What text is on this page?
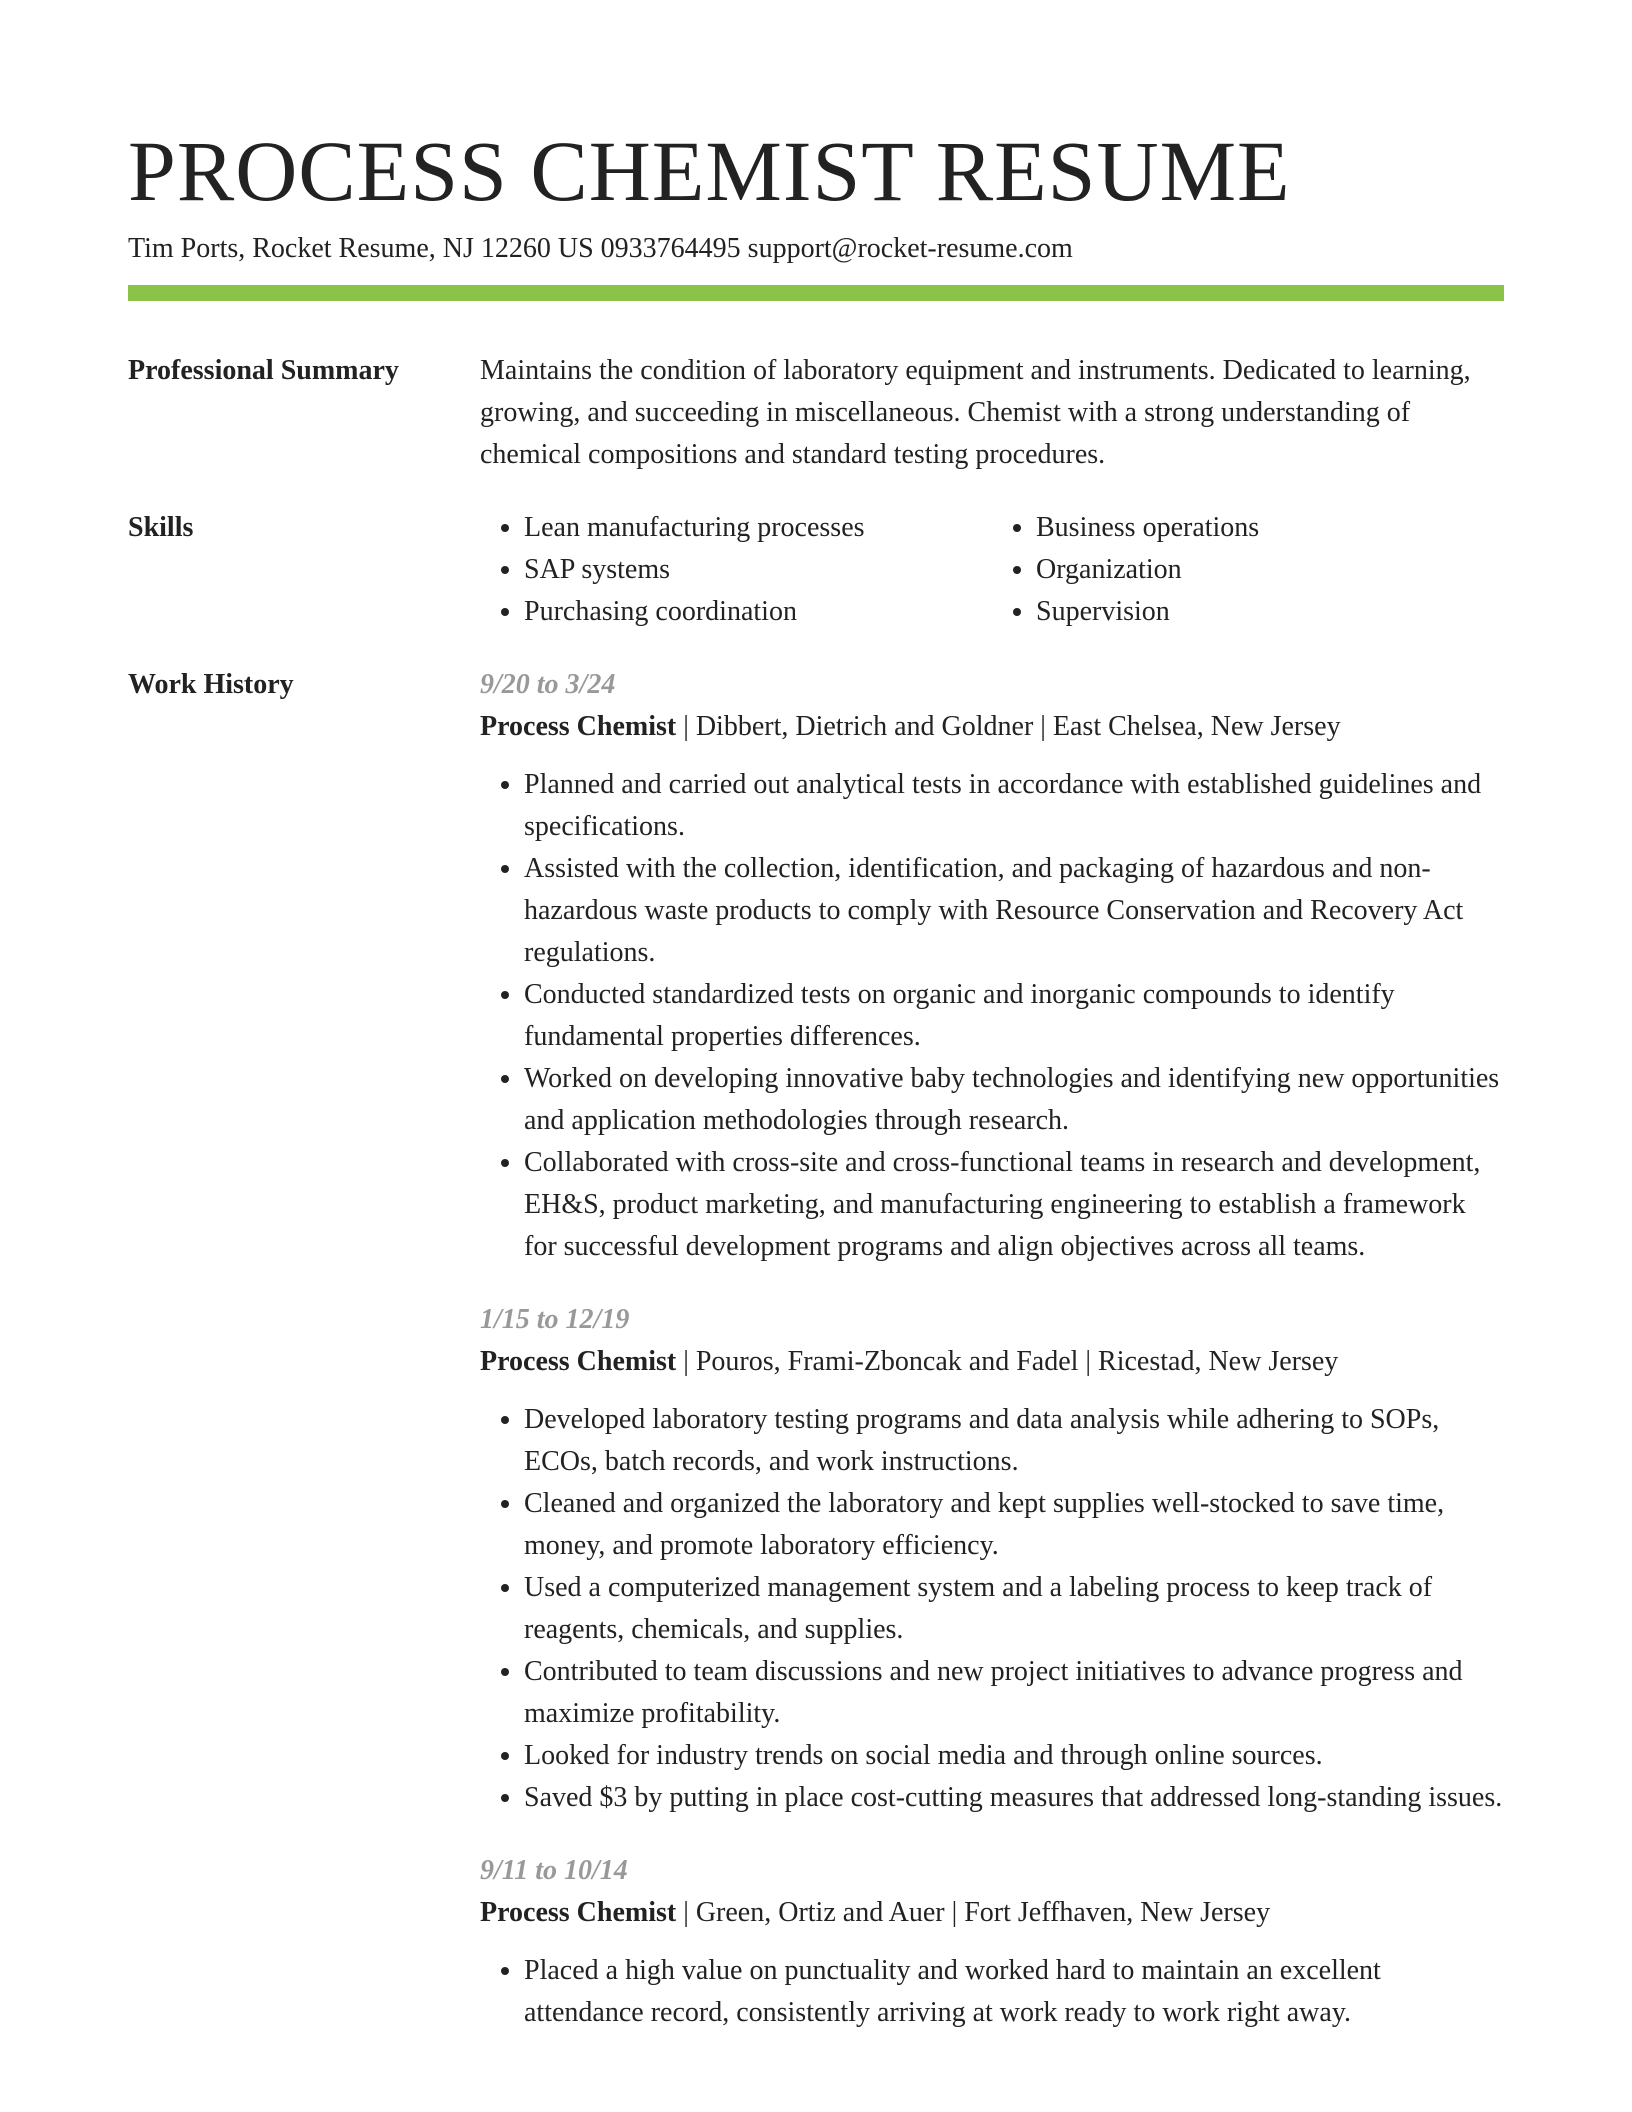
PROCESS CHEMIST RESUME
Tim Ports, Rocket Resume, NJ 12260 US 0933764495 support@rocket-resume.com
Professional Summary	Maintains the condition of laboratory equipment and instruments. Dedicated to learning, growing, and succeeding in miscellaneous. Chemist with a strong understanding of chemical compositions and standard testing procedures.

Skills
•	Lean manufacturing processes
• SAP systems
• Purchasing coordination
• Business operations
• Organization
• Supervision
Work History	9/20 to 3/24
Process Chemist | Dibbert, Dietrich and Goldner | East Chelsea, New Jersey
• Planned and carried out analytical tests in accordance with established guidelines and specifications.
• Assisted with the collection, identification, and packaging of hazardous and non-hazardous waste products to comply with Resource Conservation and Recovery Act regulations.
• Conducted standardized tests on organic and inorganic compounds to identify fundamental properties differences.
• Worked on developing innovative baby technologies and identifying new opportunities and application methodologies through research.
• Collaborated with cross-site and cross-functional teams in research and development, EH&S, product marketing, and manufacturing engineering to establish a framework for successful development programs and align objectives across all teams.
1/15 to 12/19
Process Chemist | Pouros, Frami-Zboncak and Fadel | Ricestad, New Jersey
• Developed laboratory testing programs and data analysis while adhering to SOPs, ECOs, batch records, and work instructions.
• Cleaned and organized the laboratory and kept supplies well-stocked to save time, money, and promote laboratory efficiency.
• Used a computerized management system and a labeling process to keep track of reagents, chemicals, and supplies.
• Contributed to team discussions and new project initiatives to advance progress and maximize profitability.
• Looked for industry trends on social media and through online sources.
• Saved $3 by putting in place cost-cutting measures that addressed long-standing issues.
9/11 to 10/14
Process Chemist | Green, Ortiz and Auer | Fort Jeffhaven, New Jersey
• Placed a high value on punctuality and worked hard to maintain an excellent attendance record, consistently arriving at work ready to work right away.
